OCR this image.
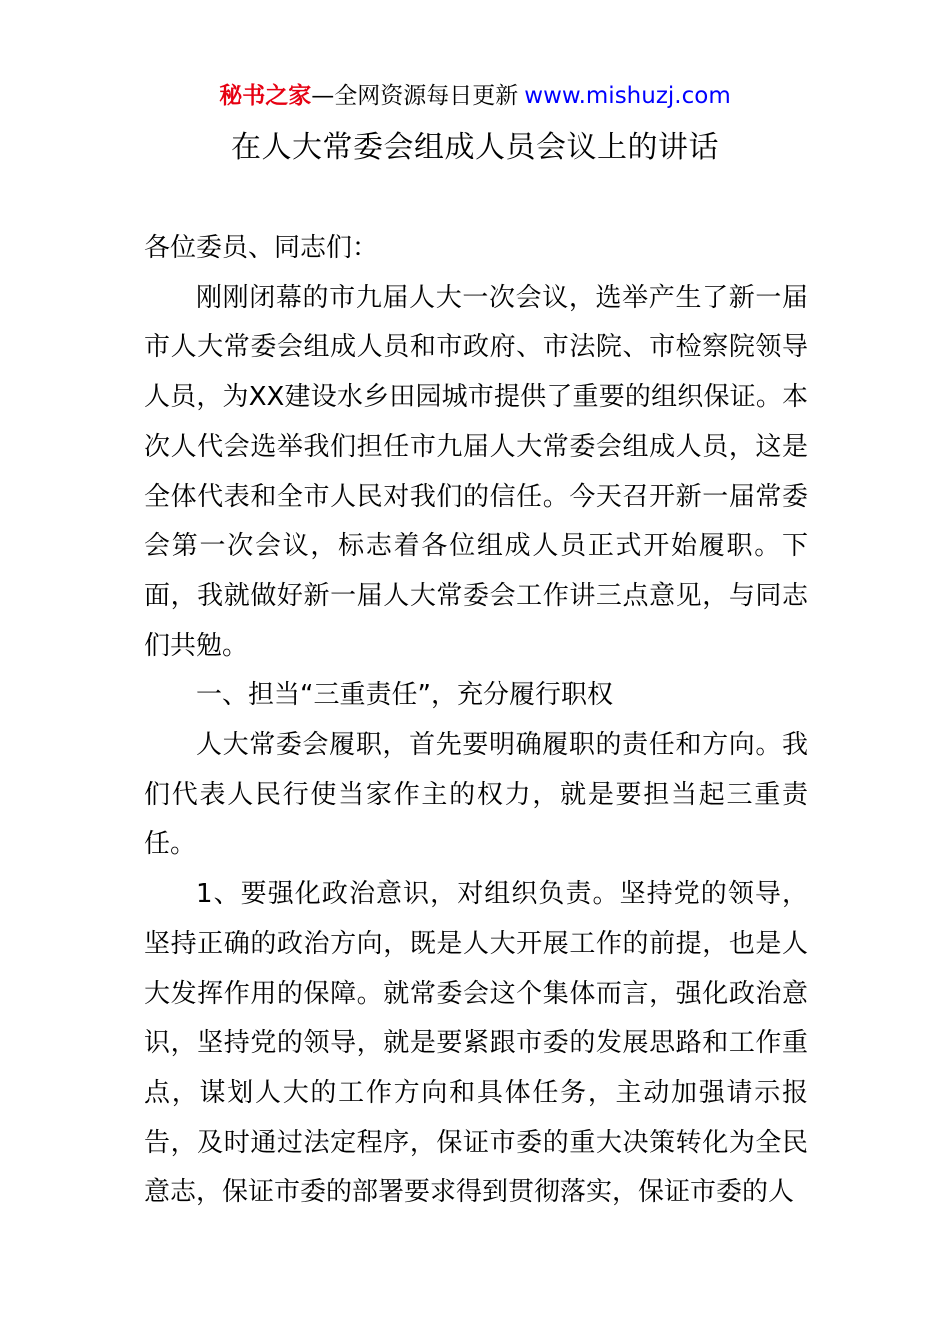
秘书之家—全网资源每日更新 www.mishuzj.com
在人大常委会组成人员会议上的讲话

各位委员、同志们：

刚刚闭幕的市九届人大一次会议，选举产生了新一届市人大常委会组成人员和市政府、市法院、市检察院领导人员，为XX建设水乡田园城市提供了重要的组织保证。本次人代会选举我们担任市九届人大常委会组成人员，这是全体代表和全市人民对我们的信任。今天召开新一届常委会第一次会议，标志着各位组成人员正式开始履职。下面，我就做好新一届人大常委会工作讲三点意见，与同志们共勉。

一、担当“三重责任”，充分履行职权

人大常委会履职，首先要明确履职的责任和方向。我们代表人民行使当家作主的权力，就是要担当起三重责任。

1、要强化政治意识，对组织负责。坚持党的领导，坚持正确的政治方向，既是人大开展工作的前提，也是人大发挥作用的保障。就常委会这个集体而言，强化政治意识，坚持党的领导，就是要紧跟市委的发展思路和工作重点，谋划人大的工作方向和具体任务，主动加强请示报告，及时通过法定程序，保证市委的重大决策转化为全民意志，保证市委的部署要求得到贯彻落实，保证市委的人
